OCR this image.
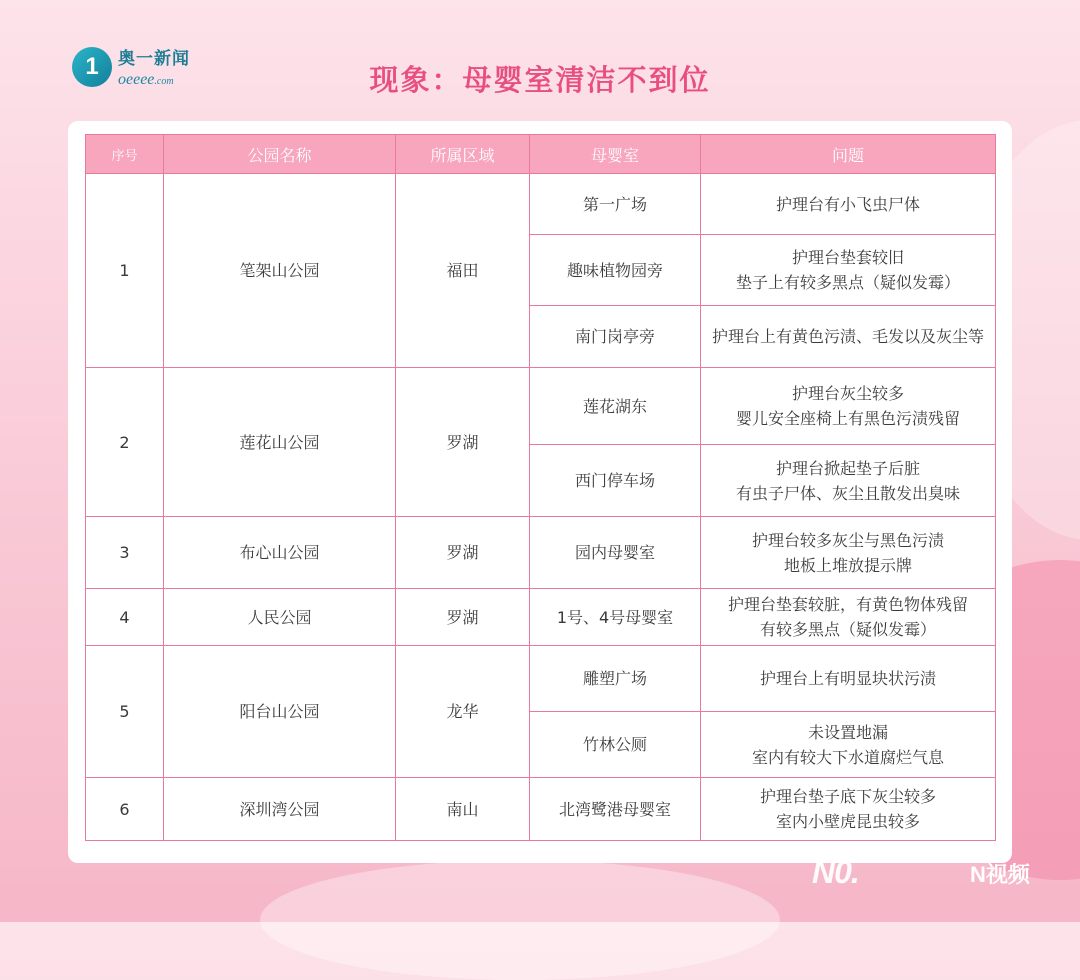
1	奥一新闻
oeeee.com	现象：母婴室清洁不到位
序号	公园名称	所属区域	母婴室	问题
1	笔架山公园	福田	第一广场	护理台有小飞虫尸体

			趣味植物园旁	护理台垫套较旧
垫子上有较多黑点（疑似发霉）

			南门岗亭旁	护理台上有黄色污渍、毛发以及灰尘等

2	莲花山公园	罗湖	莲花湖东	护理台灰尘较多
婴儿安全座椅上有黑色污渍残留

			西门停车场	护理台掀起垫子后脏
有虫子尸体、灰尘且散发出臭味

3	布心山公园	罗湖	园内母婴室	护理台较多灰尘与黑色污渍
地板上堆放提示牌

4	人民公园	罗湖	1号、4号母婴室	护理台垫套较脏，有黄色物体残留
有较多黑点（疑似发霉）

5	阳台山公园	龙华	雕塑广场	护理台上有明显块状污渍

			竹林公厕	未设置地漏
室内有较大下水道腐烂气息

6	深圳湾公园	南山	北湾鹭港母婴室	护理台垫子底下灰尘较多
室内小壁虎昆虫较多
N0.	N视频
